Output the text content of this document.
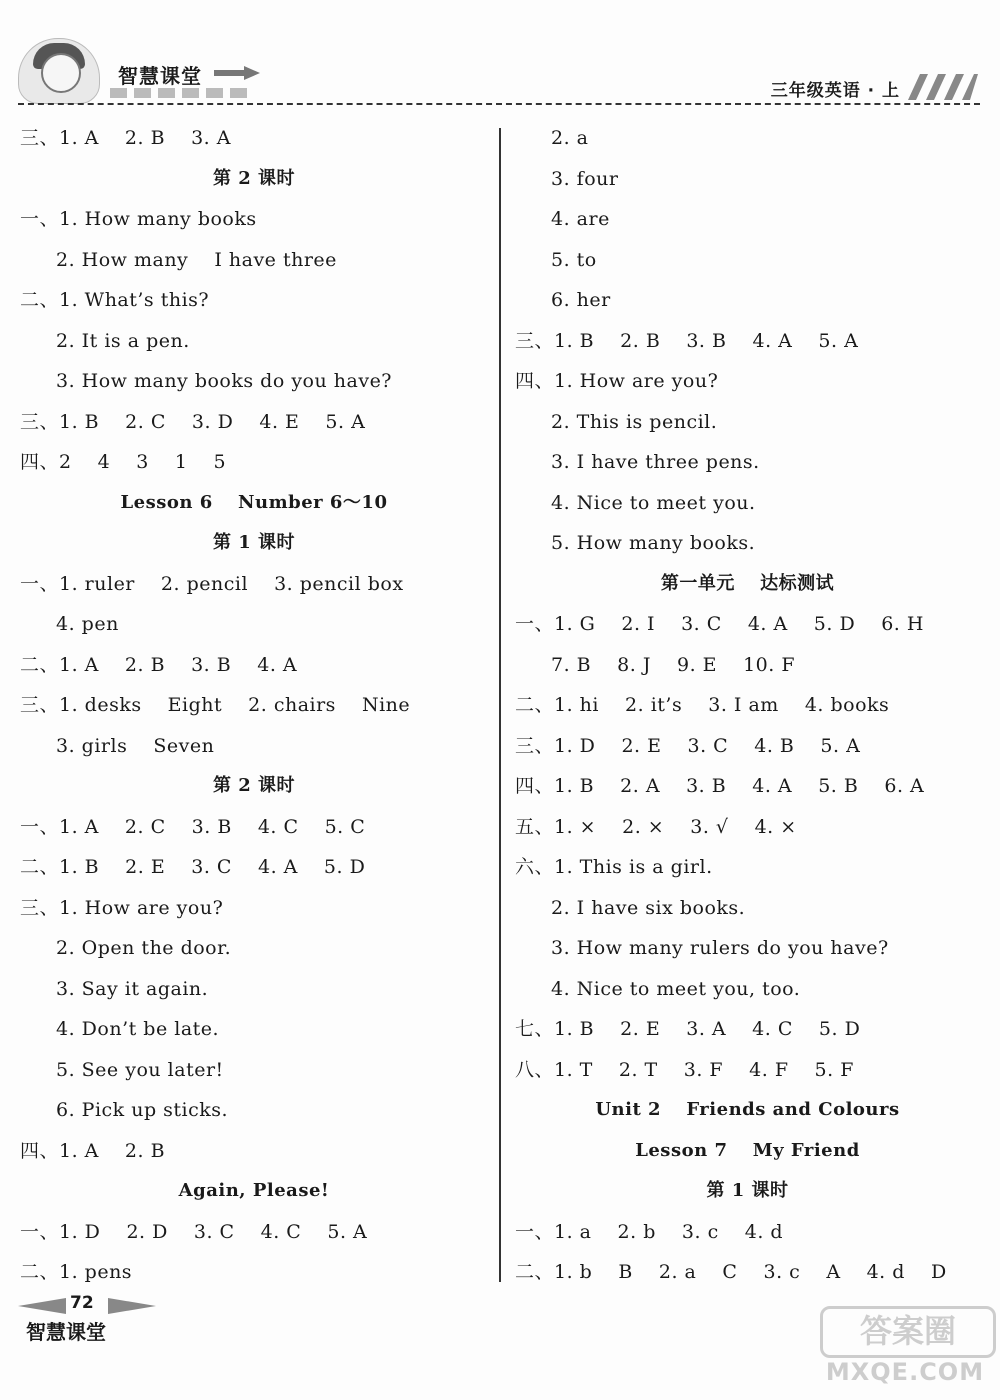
智慧课堂
三年级英语 · 上
三、1. A　 2. B　 3. A
第 2 课时
一、1. How many books
2. How many　 I have three
二、1. What’s this?
2. It is a pen.
3. How many books do you have?
三、1. B　 2. C　 3. D　 4. E　 5. A
四、2　 4　 3　 1　 5
Lesson 6　 Number 6～10
第 1 课时
一、1. ruler　 2. pencil　 3. pencil box
4. pen
二、1. A　 2. B　 3. B　 4. A
三、1. desks　 Eight　 2. chairs　 Nine
3. girls　 Seven
第 2 课时
一、1. A　 2. C　 3. B　 4. C　 5. C
二、1. B　 2. E　 3. C　 4. A　 5. D
三、1. How are you?
2. Open the door.
3. Say it again.
4. Don’t be late.
5. See you later!
6. Pick up sticks.
四、1. A　 2. B
Again, Please!
一、1. D　 2. D　 3. C　 4. C　 5. A
二、1. pens
2. a
3. four
4. are
5. to
6. her
三、1. B　 2. B　 3. B　 4. A　 5. A
四、1. How are you?
2. This is pencil.
3. I have three pens.
4. Nice to meet you.
5. How many books.
第一单元　 达标测试
一、1. G　 2. I　 3. C　 4. A　 5. D　 6. H
7. B　 8. J　 9. E　 10. F
二、1. hi　 2. it’s　 3. I am　 4. books
三、1. D　 2. E　 3. C　 4. B　 5. A
四、1. B　 2. A　 3. B　 4. A　 5. B　 6. A
五、1. ×　 2. ×　 3. √　 4. ×
六、1. This is a girl.
2. I have six books.
3. How many rulers do you have?
4. Nice to meet you, too.
七、1. B　 2. E　 3. A　 4. C　 5. D
八、1. T　 2. T　 3. F　 4. F　 5. F
Unit 2　 Friends and Colours
Lesson 7　 My Friend
第 1 课时
一、1. a　 2. b　 3. c　 4. d
二、1. b　 B　 2. a　 C　 3. c　 A　 4. d　 D
72
智慧课堂	答案圈
MXQE.COM
